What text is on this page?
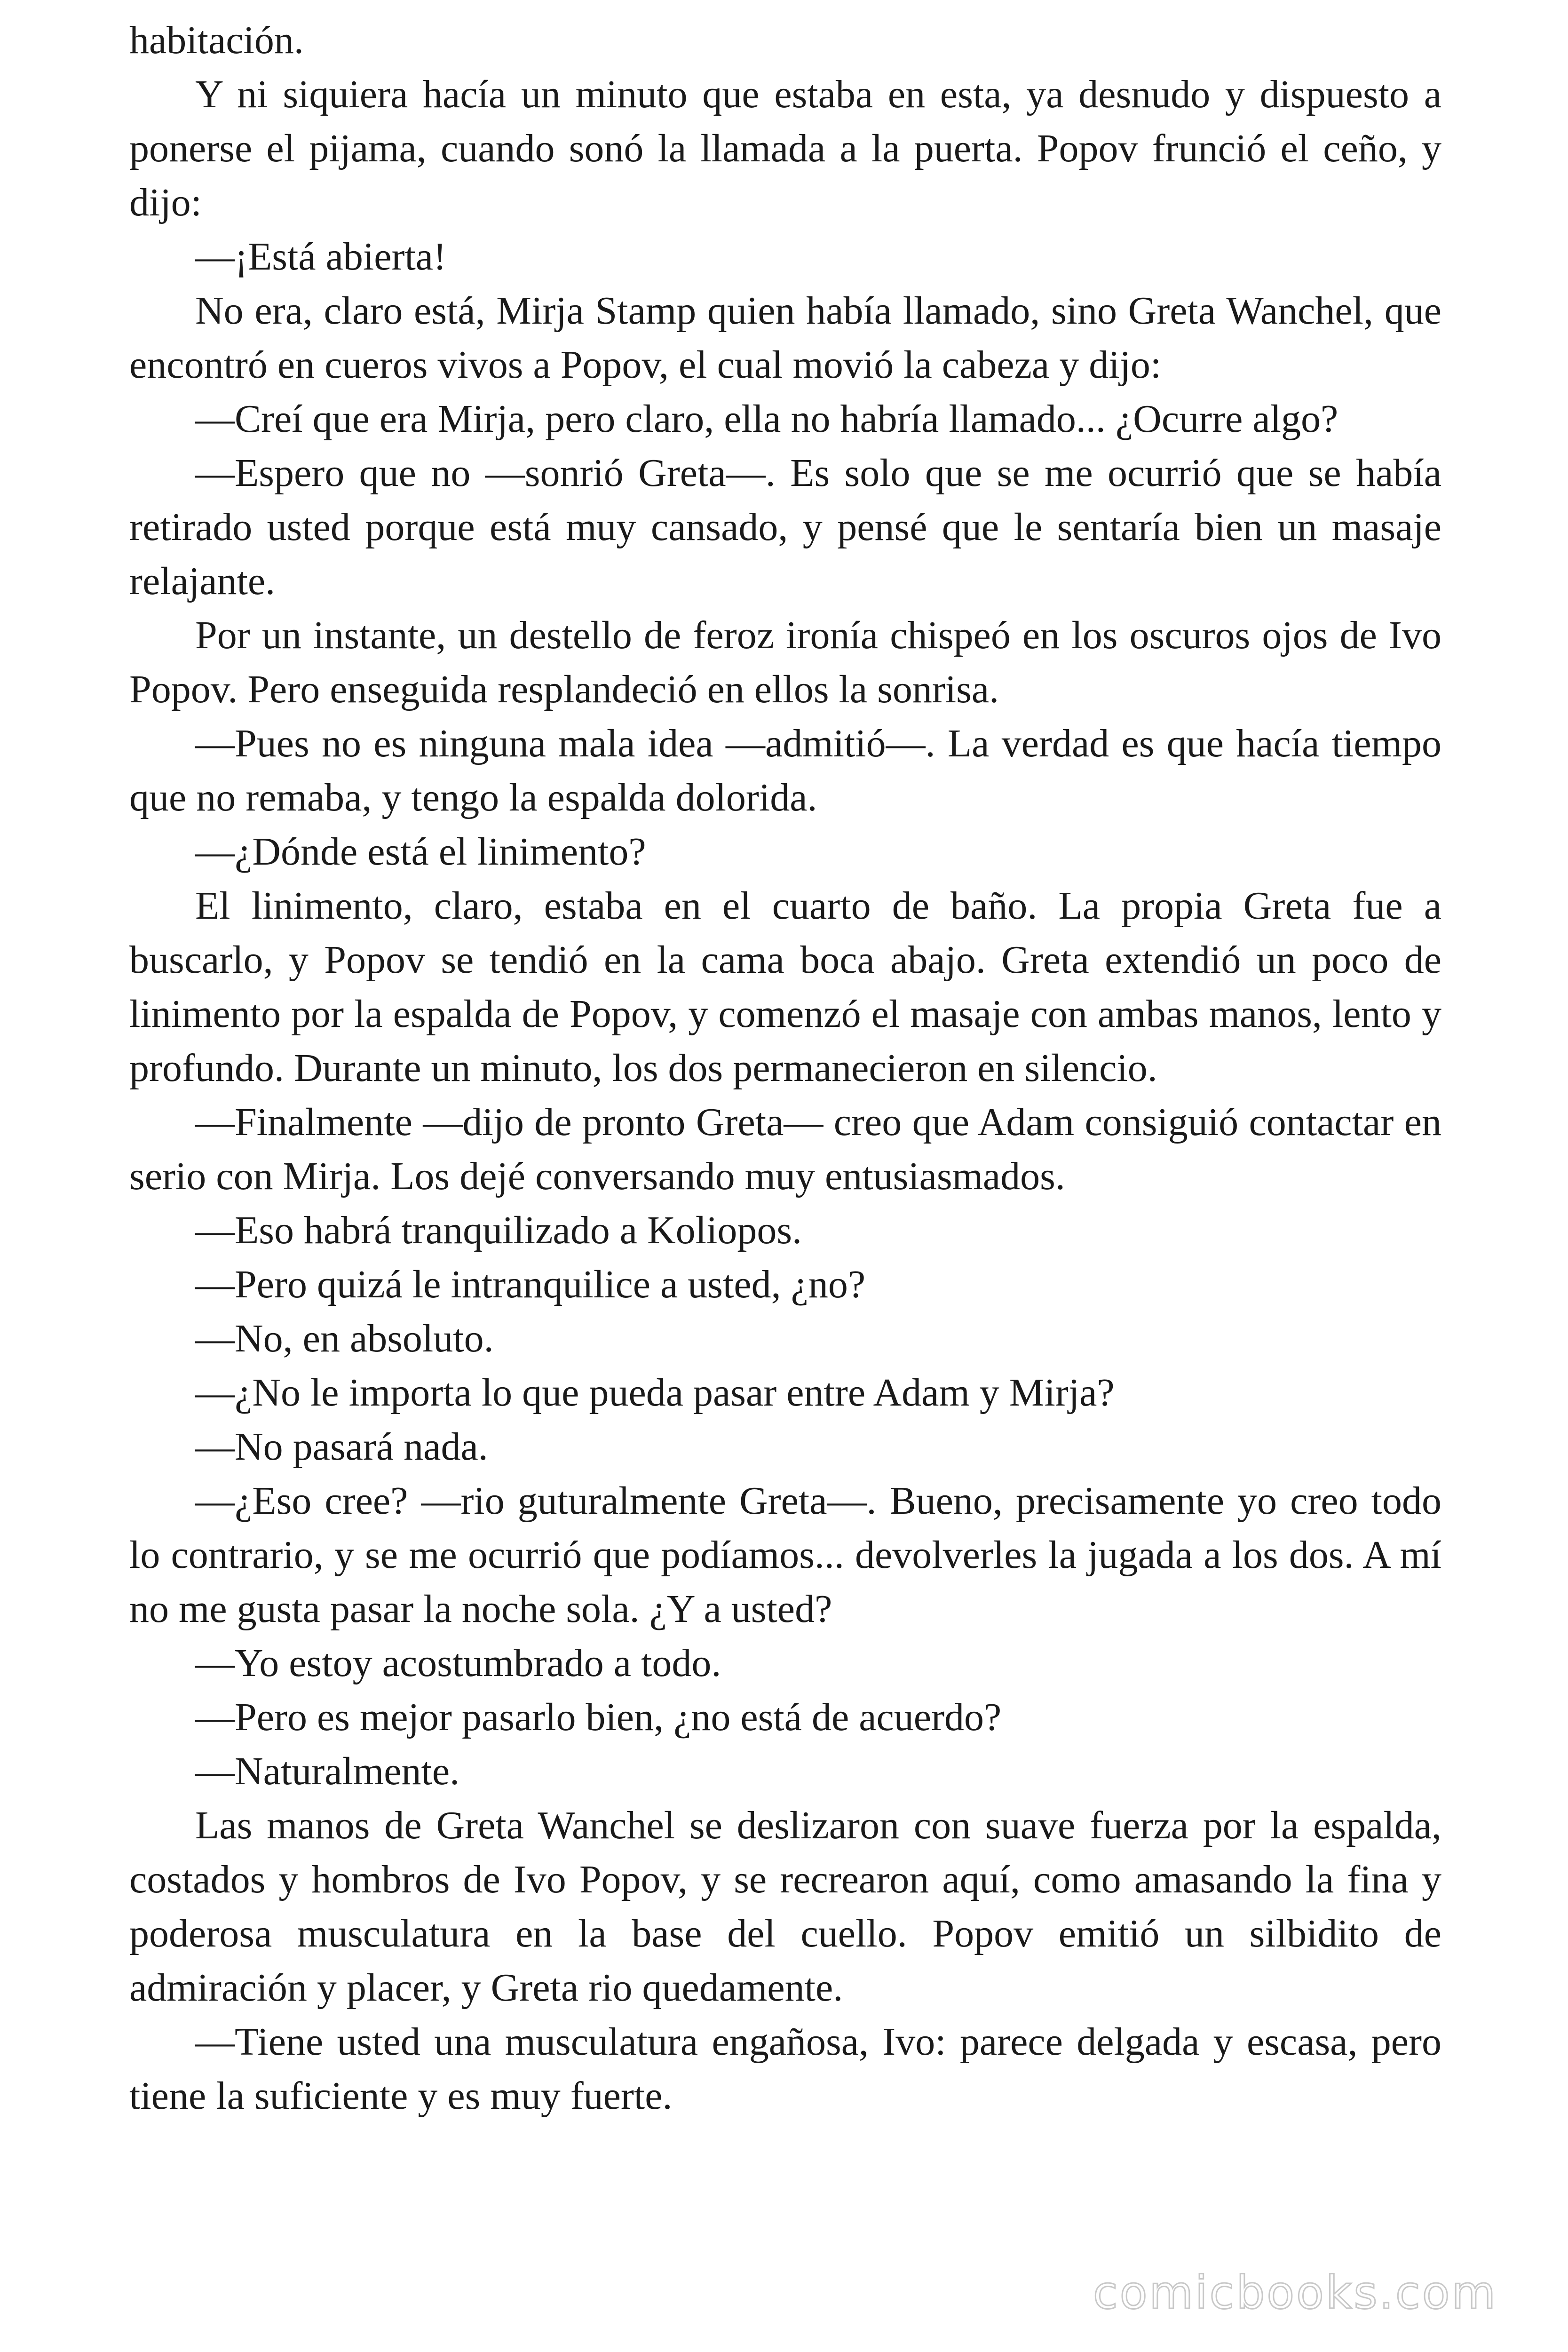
habitación.

Y ni siquiera hacía un minuto que estaba en esta, ya desnudo y dispuesto a ponerse el pijama, cuando sonó la llamada a la puerta. Popov frunció el ceño, y dijo:

—¡Está abierta!

No era, claro está, Mirja Stamp quien había llamado, sino Greta Wanchel, que encontró en cueros vivos a Popov, el cual movió la cabeza y dijo:

—Creí que era Mirja, pero claro, ella no habría llamado... ¿Ocurre algo?

—Espero que no —sonrió Greta—. Es solo que se me ocurrió que se había retirado usted porque está muy cansado, y pensé que le sentaría bien un masaje relajante.

Por un instante, un destello de feroz ironía chispeó en los oscuros ojos de Ivo Popov. Pero enseguida resplandeció en ellos la sonrisa.

—Pues no es ninguna mala idea —admitió—. La verdad es que hacía tiempo que no remaba, y tengo la espalda dolorida.

—¿Dónde está el linimento?

El linimento, claro, estaba en el cuarto de baño. La propia Greta fue a buscarlo, y Popov se tendió en la cama boca abajo. Greta extendió un poco de linimento por la espalda de Popov, y comenzó el masaje con ambas manos, lento y profundo. Durante un minuto, los dos permanecieron en silencio.

—Finalmente —dijo de pronto Greta— creo que Adam consiguió contactar en serio con Mirja. Los dejé conversando muy entusiasmados.

—Eso habrá tranquilizado a Koliopos.

—Pero quizá le intranquilice a usted, ¿no?

—No, en absoluto.

—¿No le importa lo que pueda pasar entre Adam y Mirja?

—No pasará nada.

—¿Eso cree? —rio guturalmente Greta—. Bueno, precisamente yo creo todo lo contrario, y se me ocurrió que podíamos... devolverles la jugada a los dos. A mí no me gusta pasar la noche sola. ¿Y a usted?

—Yo estoy acostumbrado a todo.

—Pero es mejor pasarlo bien, ¿no está de acuerdo?

—Naturalmente.

Las manos de Greta Wanchel se deslizaron con suave fuerza por la espalda, costados y hombros de Ivo Popov, y se recrearon aquí, como amasando la fina y poderosa musculatura en la base del cuello. Popov emitió un silbidito de admiración y placer, y Greta rio quedamente.

—Tiene usted una musculatura engañosa, Ivo: parece delgada y escasa, pero tiene la suficiente y es muy fuerte.

comicbooks.com
